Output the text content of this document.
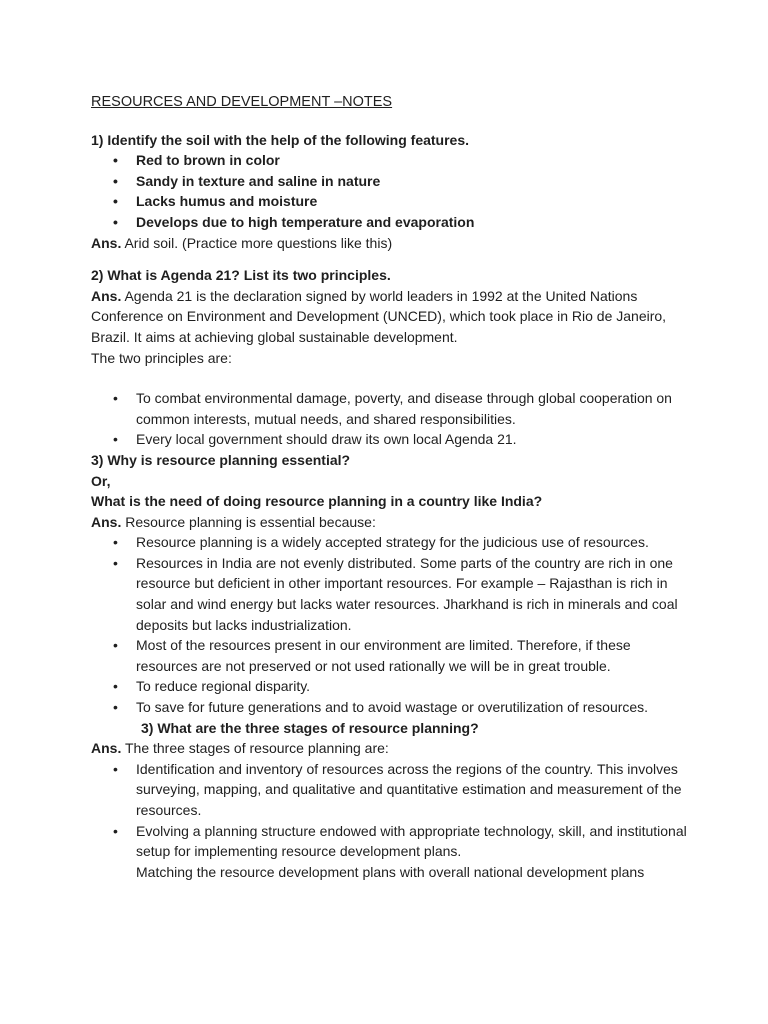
RESOURCES AND DEVELOPMENT –NOTES

1) Identify the soil with the help of the following features.

• Red to brown in color
• Sandy in texture and saline in nature
• Lacks humus and moisture
• Develops due to high temperature and evaporation

Ans. Arid soil. (Practice more questions like this)

2) What is Agenda 21? List its two principles.

Ans. Agenda 21 is the declaration signed by world leaders in 1992 at the United Nations Conference on Environment and Development (UNCED), which took place in Rio de Janeiro, Brazil. It aims at achieving global sustainable development.

The two principles are:

• To combat environmental damage, poverty, and disease through global cooperation on common interests, mutual needs, and shared responsibilities.
• Every local government should draw its own local Agenda 21.

3) Why is resource planning essential?

Or,

What is the need of doing resource planning in a country like India?

Ans. Resource planning is essential because:

• Resource planning is a widely accepted strategy for the judicious use of resources.
• Resources in India are not evenly distributed. Some parts of the country are rich in one resource but deficient in other important resources. For example – Rajasthan is rich in solar and wind energy but lacks water resources. Jharkhand is rich in minerals and coal deposits but lacks industrialization.
• Most of the resources present in our environment are limited. Therefore, if these resources are not preserved or not used rationally we will be in great trouble.
• To reduce regional disparity.
• To save for future generations and to avoid wastage or overutilization of resources.

3) What are the three stages of resource planning?

Ans. The three stages of resource planning are:

• Identification and inventory of resources across the regions of the country. This involves surveying, mapping, and qualitative and quantitative estimation and measurement of the resources.
• Evolving a planning structure endowed with appropriate technology, skill, and institutional setup for implementing resource development plans.

Matching the resource development plans with overall national development plans
